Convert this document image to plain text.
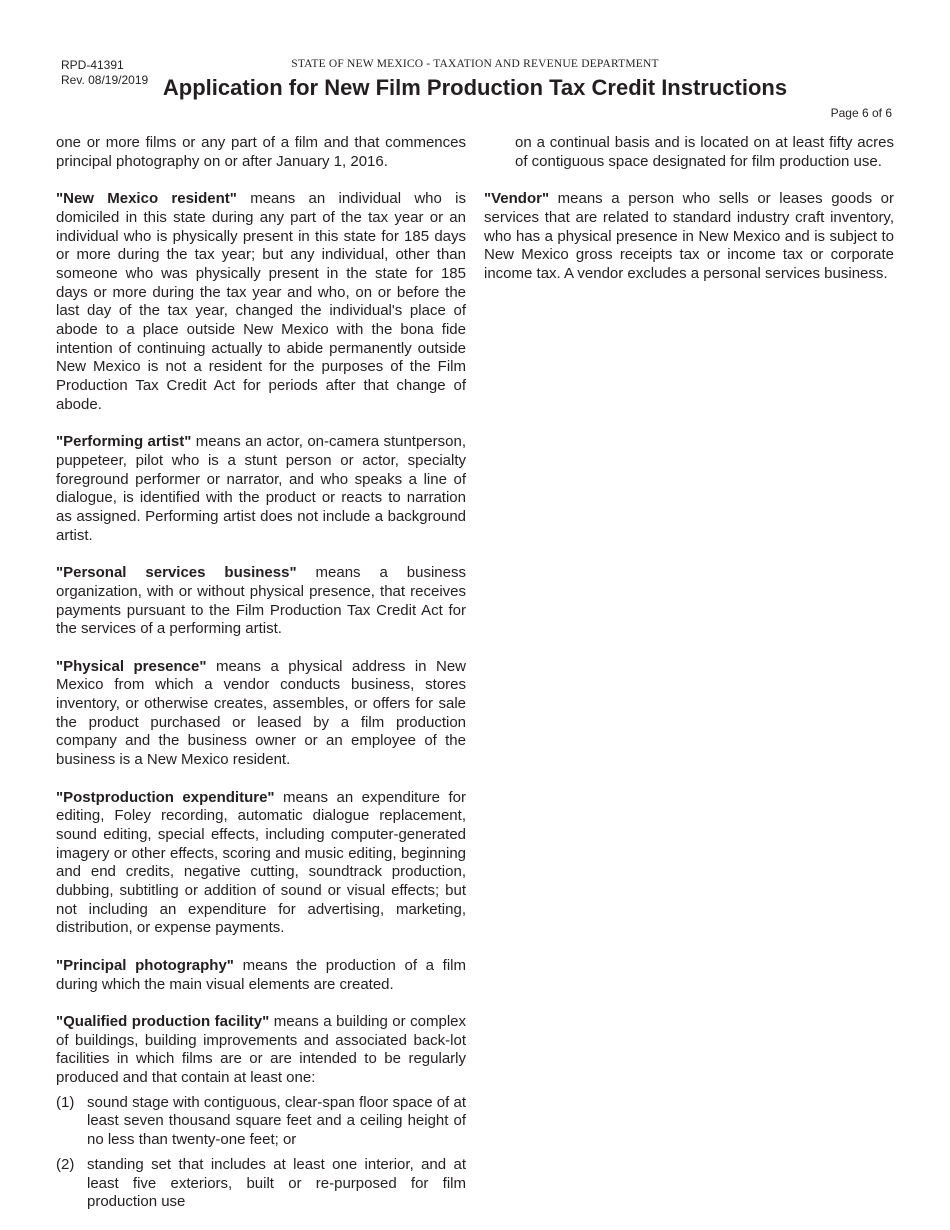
RPD-41391
Rev. 08/19/2019
STATE OF NEW MEXICO - TAXATION AND REVENUE DEPARTMENT
Application for New Film Production Tax Credit Instructions
Page 6 of 6

one or more films or any part of a film and that commences principal photography on or after January 1, 2016.

"New Mexico resident" means an individual who is domiciled in this state during any part of the tax year or an individual who is physically present in this state for 185 days or more during the tax year; but any individual, other than someone who was physically present in the state for 185 days or more during the tax year and who, on or before the last day of the tax year, changed the individual's place of abode to a place outside New Mexico with the bona fide intention of continuing actually to abide permanently outside New Mexico is not a resident for the purposes of the Film Production Tax Credit Act for periods after that change of abode.

"Performing artist" means an actor, on-camera stuntperson, puppeteer, pilot who is a stunt person or actor, specialty foreground performer or narrator, and who speaks a line of dialogue, is identified with the product or reacts to narration as assigned. Performing artist does not include a background artist.

"Personal services business" means a business organization, with or without physical presence, that receives payments pursuant to the Film Production Tax Credit Act for the services of a performing artist.

"Physical presence" means a physical address in New Mexico from which a vendor conducts business, stores inventory, or otherwise creates, assembles, or offers for sale the product purchased or leased by a film production company and the business owner or an employee of the business is a New Mexico resident.

"Postproduction expenditure" means an expenditure for editing, Foley recording, automatic dialogue replacement, sound editing, special effects, including computer-generated imagery or other effects, scoring and music editing, beginning and end credits, negative cutting, soundtrack production, dubbing, subtitling or addition of sound or visual effects; but not including an expenditure for advertising, marketing, distribution, or expense payments.

"Principal photography" means the production of a film during which the main visual elements are created.

"Qualified production facility" means a building or complex of buildings, building improvements and associated back-lot facilities in which films are or are intended to be regularly produced and that contain at least one:

(1) sound stage with contiguous, clear-span floor space of at least seven thousand square feet and a ceiling height of no less than twenty-one feet; or
(2) standing set that includes at least one interior, and at least five exteriors, built or re-purposed for film production use

on a continual basis and is located on at least fifty acres of contiguous space designated for film production use.

"Vendor" means a person who sells or leases goods or services that are related to standard industry craft inventory, who has a physical presence in New Mexico and is subject to New Mexico gross receipts tax or income tax or corporate income tax. A vendor excludes a personal services business.
